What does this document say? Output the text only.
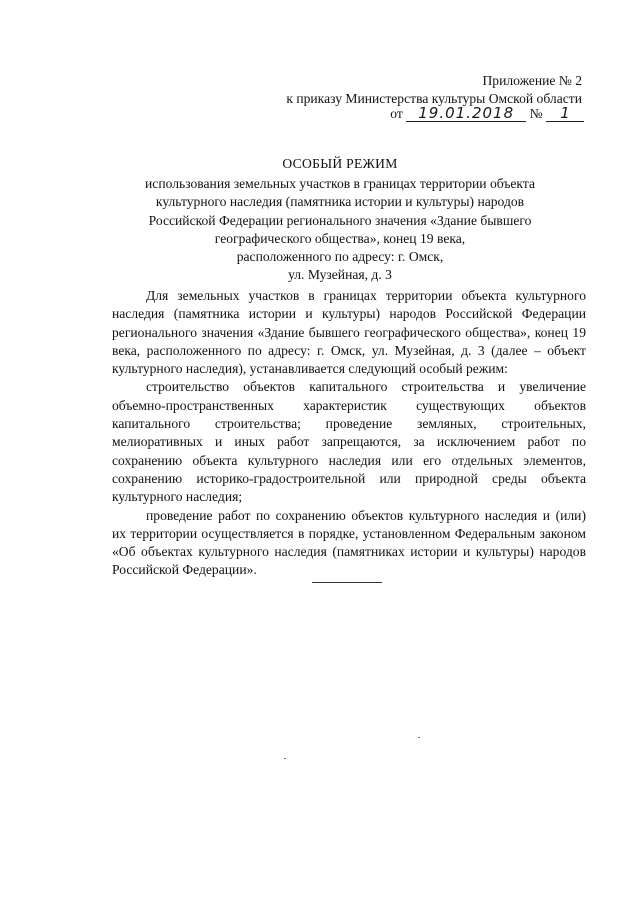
Приложение № 2
к приказу Министерства культуры Омской области
от 19.01.2018 № 1
ОСОБЫЙ РЕЖИМ
использования земельных участков в границах территории объекта
культурного наследия (памятника истории и культуры) народов
Российской Федерации регионального значения «Здание бывшего
географического общества», конец 19 века,
расположенного по адресу: г. Омск,
ул. Музейная, д. 3

Для земельных участков в границах территории объекта культурного наследия (памятника истории и культуры) народов Российской Федерации регионального значения «Здание бывшего географического общества», конец 19 века, расположенного по адресу: г. Омск, ул. Музейная, д. 3 (далее – объект культурного наследия), устанавливается следующий особый режим:

строительство объектов капитального строительства и увеличение объемно-пространственных характеристик существующих объектов капитального строительства; проведение земляных, строительных, мелиоративных и иных работ запрещаются, за исключением работ по сохранению объекта культурного наследия или его отдельных элементов, сохранению историко-градостроительной или природной среды объекта культурного наследия;

проведение работ по сохранению объектов культурного наследия и (или) их территории осуществляется в порядке, установленном Федеральным законом «Об объектах культурного наследия (памятниках истории и культуры) народов Российской Федерации».
